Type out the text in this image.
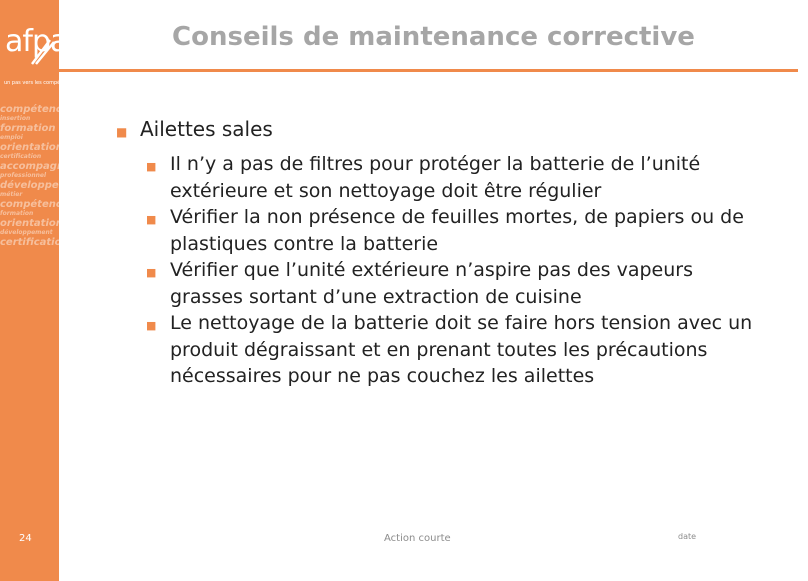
afpa
un pas vers les compétences
compétences
insertion
formation
emploi
orientation
certification
accompagnement
professionnel
développement
métier
compétences
formation
orientation
développement
certification
Conseils de maintenance corrective
■ Ailettes sales
■ Il n’y a pas de filtres pour protéger la batterie de l’unité extérieure et son nettoyage doit être régulier
■ Vérifier la non présence de feuilles mortes, de papiers ou de plastiques contre la batterie
■ Vérifier que l’unité extérieure n’aspire pas des vapeurs grasses sortant d’une extraction de cuisine
■ Le nettoyage de la batterie doit se faire hors tension avec un produit dégraissant et en prenant toutes les précautions nécessaires pour ne pas couchez les ailettes
24	Action courte	date
